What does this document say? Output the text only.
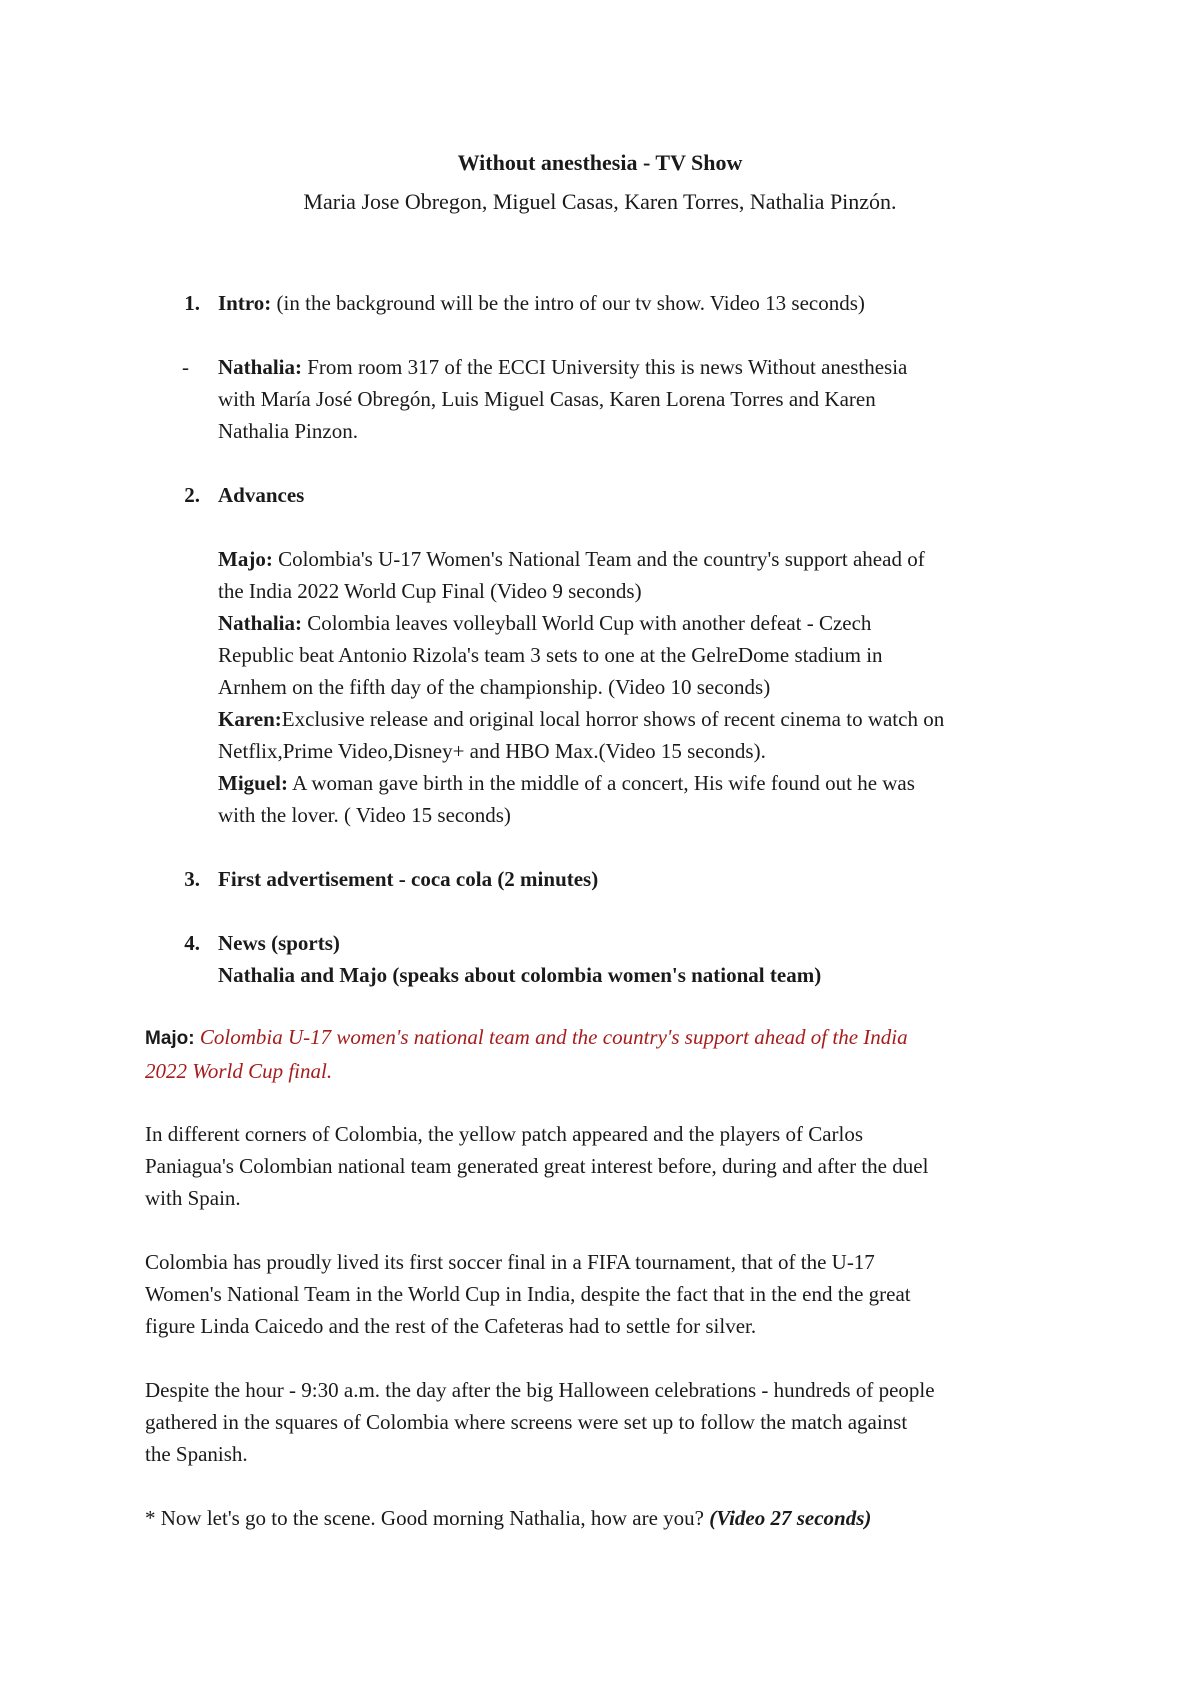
Without anesthesia - TV Show
Maria Jose Obregon, Miguel Casas, Karen Torres, Nathalia Pinzón.
1. Intro: (in the background will be the intro of our tv show. Video 13 seconds)
- Nathalia: From room 317 of the ECCI University this is news Without anesthesia
with María José Obregón, Luis Miguel Casas, Karen Lorena Torres and Karen
Nathalia Pinzon.
2. Advances
Majo: Colombia's U-17 Women's National Team and the country's support ahead of
the India 2022 World Cup Final (Video 9 seconds)
Nathalia: Colombia leaves volleyball World Cup with another defeat - Czech
Republic beat Antonio Rizola's team 3 sets to one at the GelreDome stadium in
Arnhem on the fifth day of the championship. (Video 10 seconds)
Karen:Exclusive release and original local horror shows of recent cinema to watch on
Netflix,Prime Video,Disney+ and HBO Max.(Video 15 seconds).
Miguel: A woman gave birth in the middle of a concert, His wife found out he was
with the lover. ( Video 15 seconds)
3. First advertisement - coca cola (2 minutes)
4. News (sports)
Nathalia and Majo (speaks about colombia women's national team)
Majo: Colombia U-17 women's national team and the country's support ahead of the India
2022 World Cup final.
In different corners of Colombia, the yellow patch appeared and the players of Carlos
Paniagua's Colombian national team generated great interest before, during and after the duel
with Spain.
Colombia has proudly lived its first soccer final in a FIFA tournament, that of the U-17
Women's National Team in the World Cup in India, despite the fact that in the end the great
figure Linda Caicedo and the rest of the Cafeteras had to settle for silver.
Despite the hour - 9:30 a.m. the day after the big Halloween celebrations - hundreds of people
gathered in the squares of Colombia where screens were set up to follow the match against
the Spanish.
* Now let's go to the scene. Good morning Nathalia, how are you? (Video 27 seconds)
